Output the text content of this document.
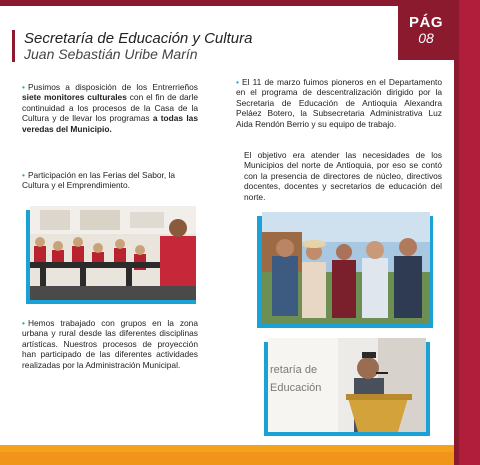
PÁG
08
Secretaría de Educación y Cultura
Juan Sebastián Uribe Marín
• Pusimos a disposición de los Entrerrieños siete monitores culturales con el fin de darle continuidad a los procesos de la Casa de la Cultura y de llevar los programas a todas las veredas del Municipio.
• Participación en las Ferias del Sabor, la Cultura y el Emprendimiento.
• Hemos trabajado con grupos en la zona urbana y rural desde las diferentes disciplinas artísticas. Nuestros procesos de proyección han participado de las diferentes actividades realizadas por la Administración Municipal.
• El 11 de marzo fuimos pioneros en el Departamento en el programa de descentralización dirigido por la Secretaria de Educación de Antioquia Alexandra Peláez Botero, la Subsecretaria Administrativa Luz Aida Rendón Berrio y su equipo de trabajo.
El objetivo era atender las necesidades de los Municipios del norte de Antioquia, por eso se contó con la presencia de directores de núcleo, directivos docentes, docentes y secretarios de educación del norte.
retaría de
Educación
